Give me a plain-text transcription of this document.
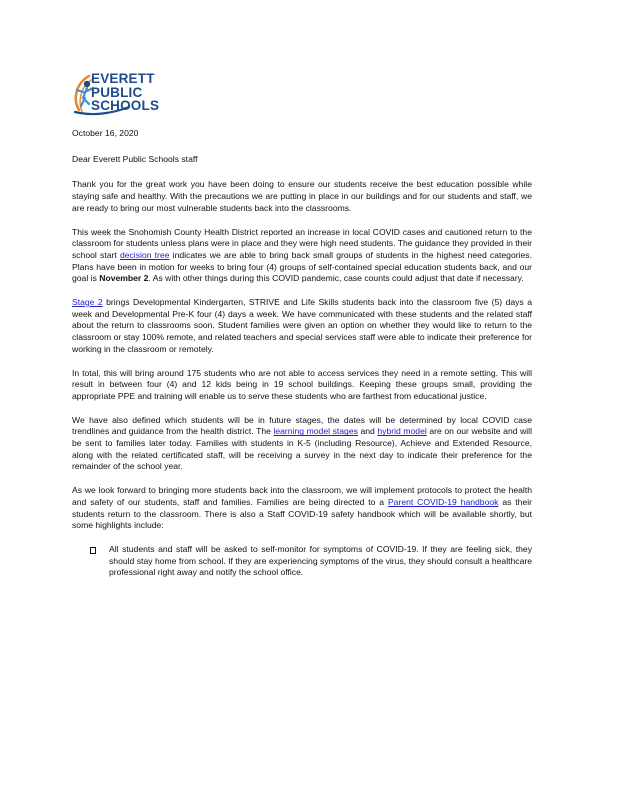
EVERETT
PUBLIC
SCHOOLS
October 16, 2020
Dear Everett Public Schools staff

Thank you for the great work you have been doing to ensure our students receive the best education possible while staying safe and healthy. With the precautions we are putting in place in our buildings and for our students and staff, we are ready to bring our most vulnerable students back into the classrooms.

This week the Snohomish County Health District reported an increase in local COVID cases and cautioned return to the classroom for students unless plans were in place and they were high need students. The guidance they provided in their school start decision tree indicates we are able to bring back small groups of students in the highest need categories. Plans have been in motion for weeks to bring four (4) groups of self-contained special education students back, and our goal is November 2. As with other things during this COVID pandemic, case counts could adjust that date if necessary.

Stage 2 brings Developmental Kindergarten, STRIVE and Life Skills students back into the classroom five (5) days a week and Developmental Pre-K four (4) days a week. We have communicated with these students and the related staff about the return to classrooms soon. Student families were given an option on whether they would like to return to the classroom or stay 100% remote, and related teachers and special services staff were able to indicate their preference for working in the classroom or remotely.

In total, this will bring around 175 students who are not able to access services they need in a remote setting. This will result in between four (4) and 12 kids being in 19 school buildings. Keeping these groups small, providing the appropriate PPE and training will enable us to serve these students who are farthest from educational justice.

We have also defined which students will be in future stages, the dates will be determined by local COVID case trendlines and guidance from the health district. The learning model stages and hybrid model are on our website and will be sent to families later today. Families with students in K-5 (including Resource), Achieve and Extended Resource, along with the related certificated staff, will be receiving a survey in the next day to indicate their preference for the remainder of the school year.

As we look forward to bringing more students back into the classroom, we will implement protocols to protect the health and safety of our students, staff and families. Families are being directed to a Parent COVID-19 handbook as their students return to the classroom. There is also a Staff COVID-19 safety handbook which will be available shortly, but some highlights include:

All students and staff will be asked to self-monitor for symptoms of COVID-19. If they are feeling sick, they should stay home from school. If they are experiencing symptoms of the virus, they should consult a healthcare professional right away and notify the school office.
